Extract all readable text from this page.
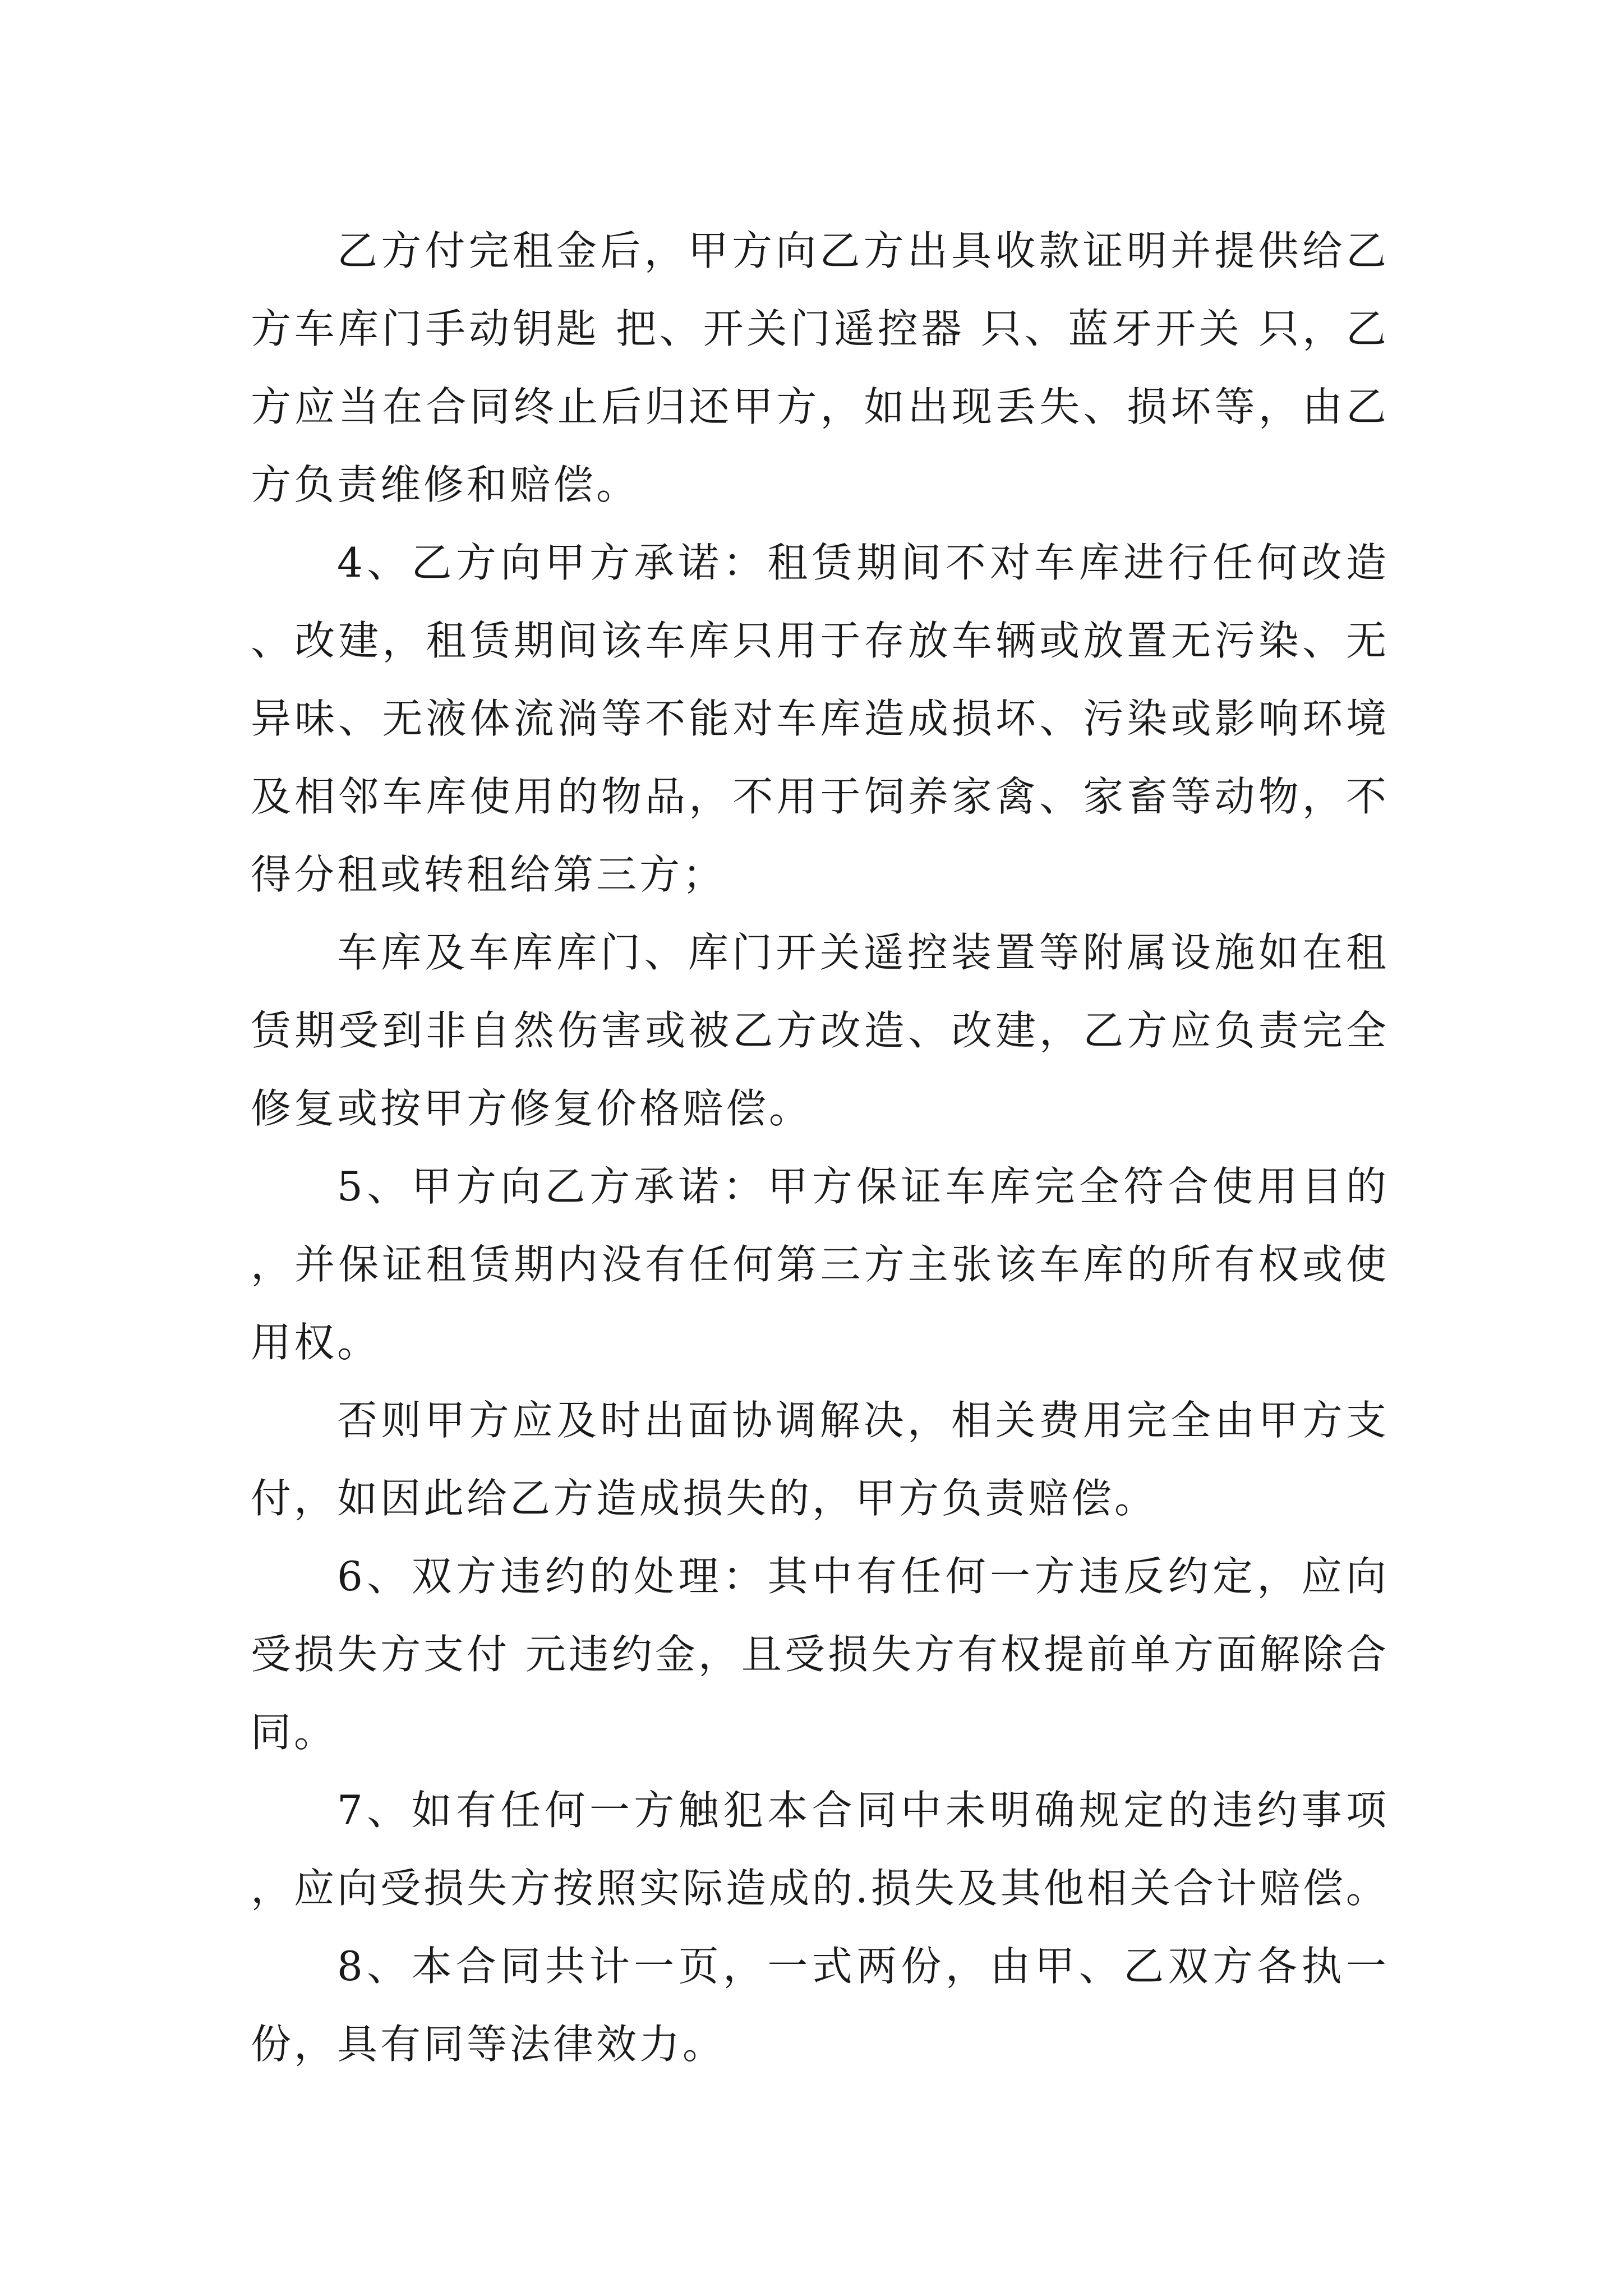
乙方付完租金后，甲方向乙方出具收款证明并提供给乙方车库门手动钥匙 把、开关门遥控器 只、蓝牙开关 只，乙方应当在合同终止后归还甲方，如出现丢失、损坏等，由乙方负责维修和赔偿。

4、乙方向甲方承诺：租赁期间不对车库进行任何改造、改建，租赁期间该车库只用于存放车辆或放置无污染、无异味、无液体流淌等不能对车库造成损坏、污染或影响环境及相邻车库使用的物品，不用于饲养家禽、家畜等动物，不得分租或转租给第三方；

车库及车库库门、库门开关遥控装置等附属设施如在租赁期受到非自然伤害或被乙方改造、改建，乙方应负责完全修复或按甲方修复价格赔偿。

5、甲方向乙方承诺：甲方保证车库完全符合使用目的，并保证租赁期内没有任何第三方主张该车库的所有权或使用权。

否则甲方应及时出面协调解决，相关费用完全由甲方支付，如因此给乙方造成损失的，甲方负责赔偿。

6、双方违约的处理：其中有任何一方违反约定，应向受损失方支付 元违约金，且受损失方有权提前单方面解除合同。

7、如有任何一方触犯本合同中未明确规定的违约事项，应向受损失方按照实际造成的.损失及其他相关合计赔偿。

8、本合同共计一页，一式两份，由甲、乙双方各执一份，具有同等法律效力。
